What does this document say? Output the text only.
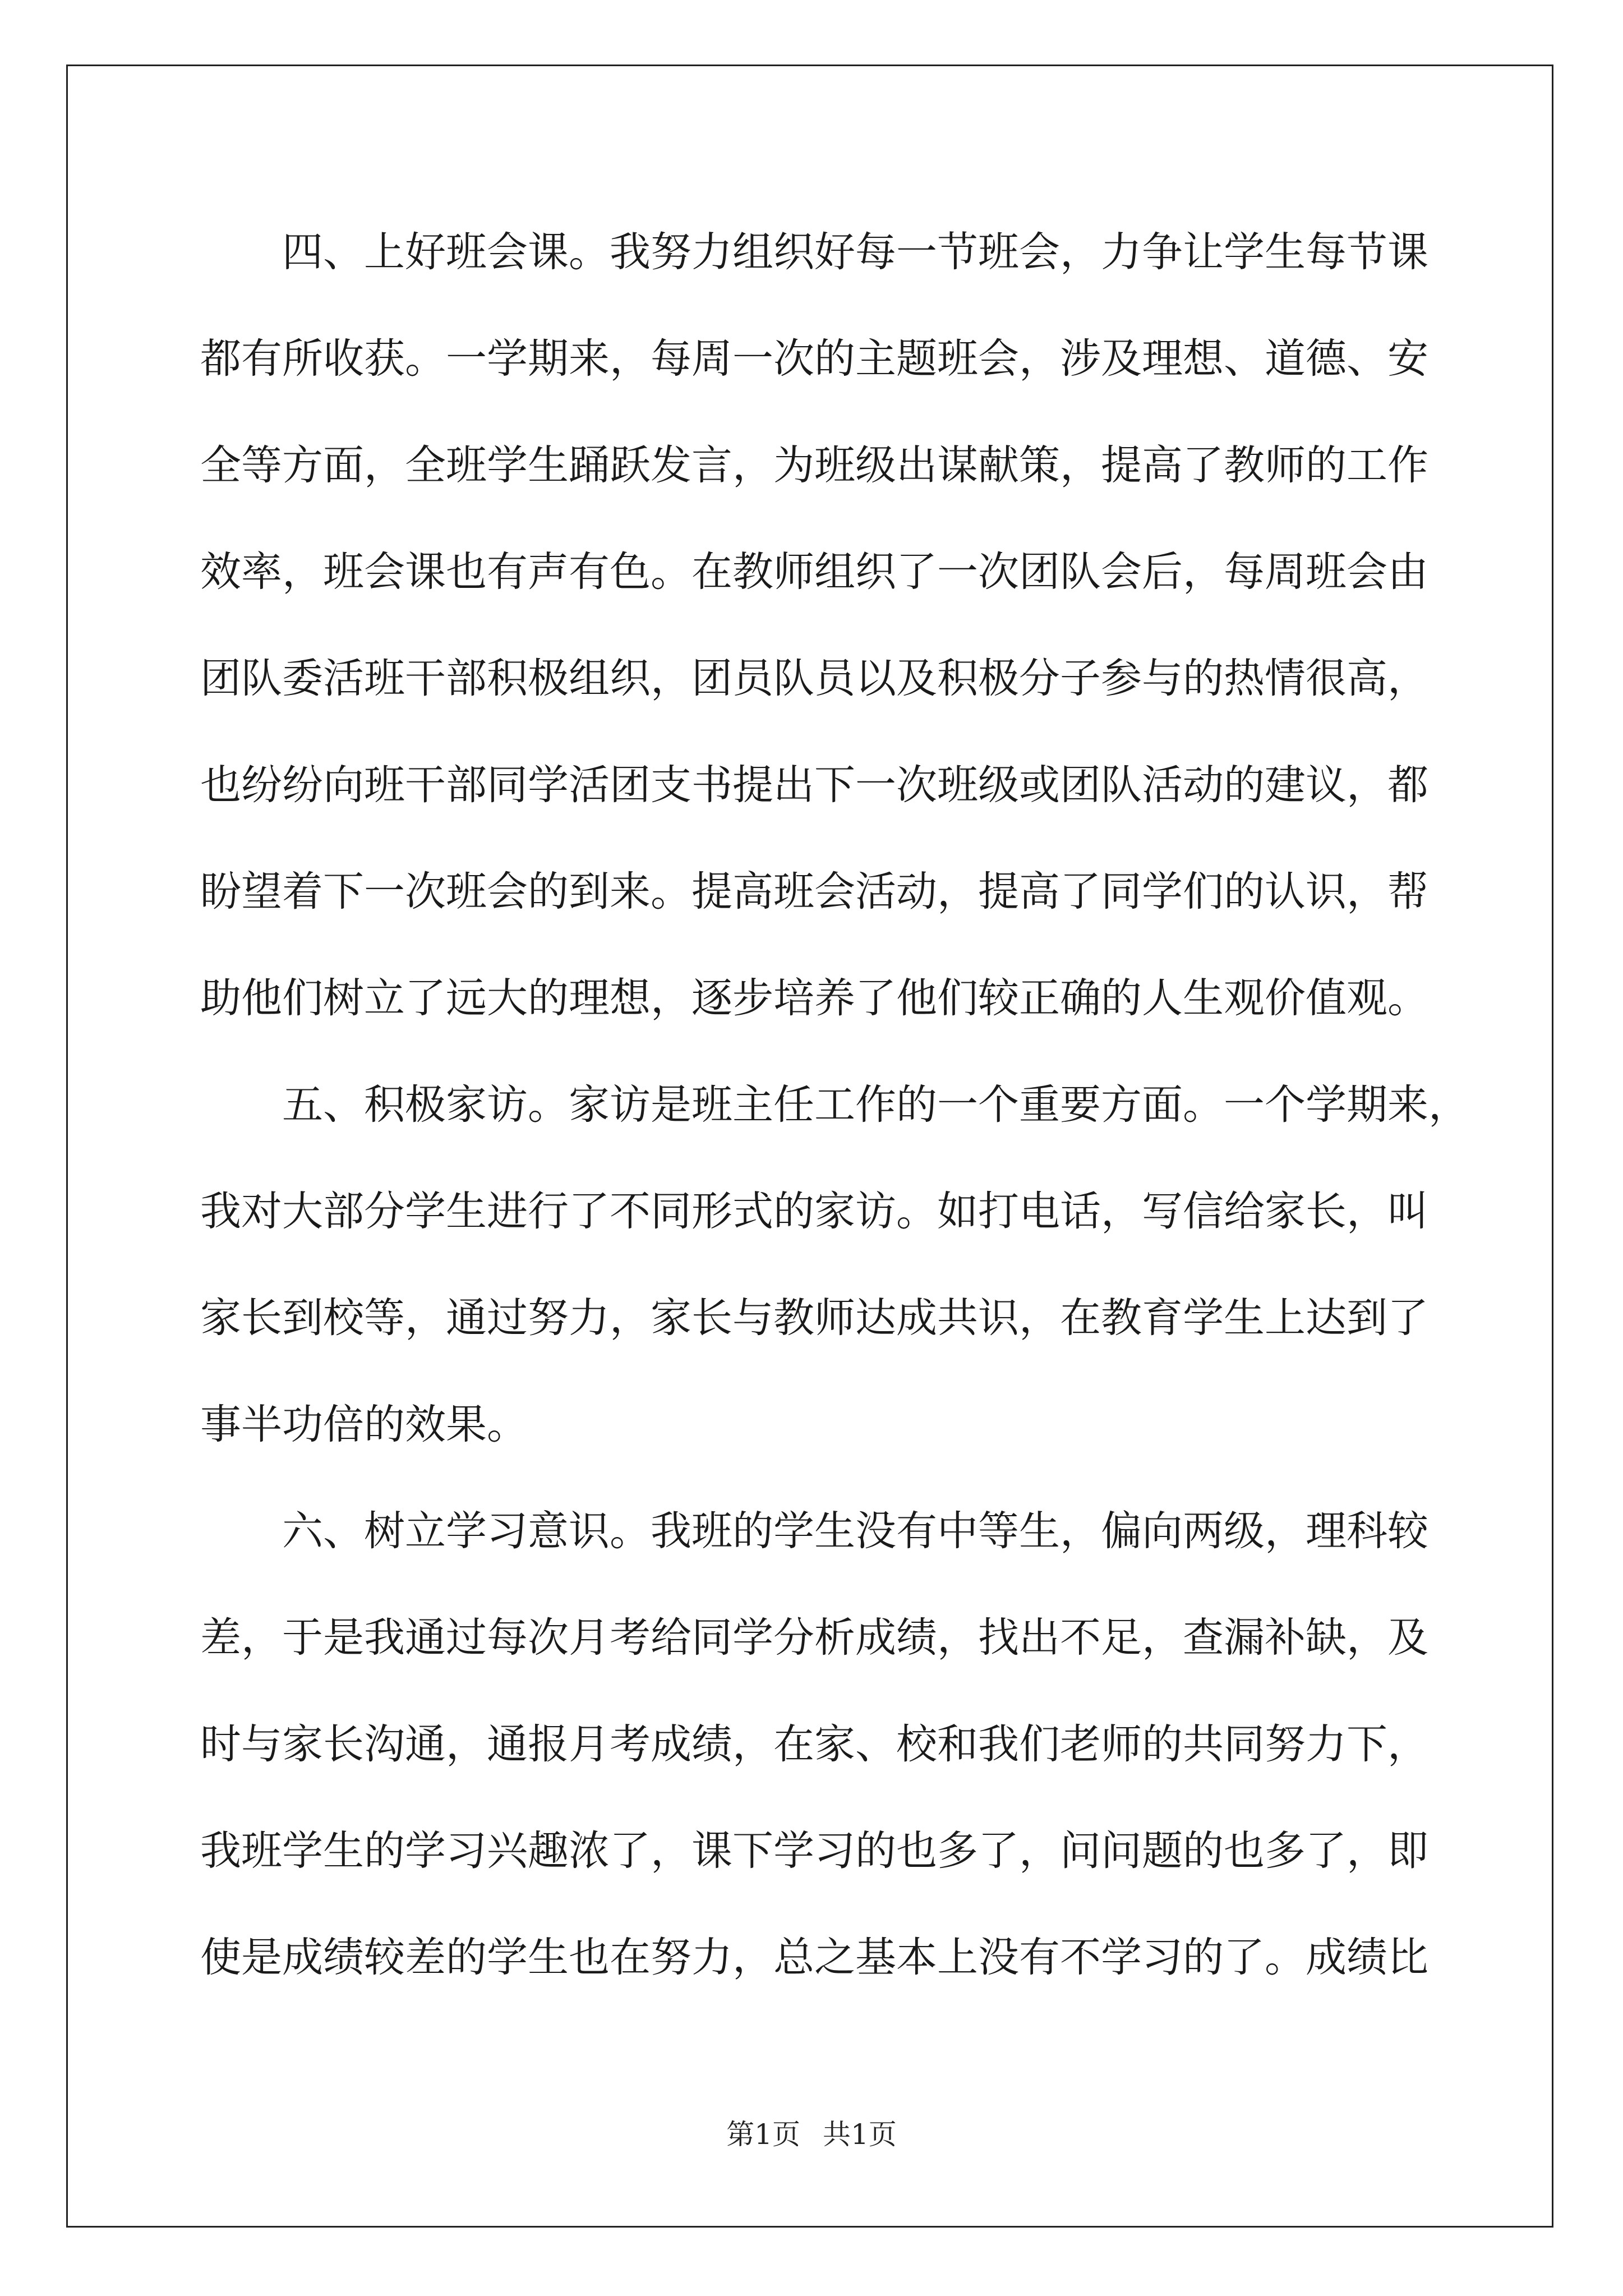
四、上好班会课。我努力组织好每一节班会，力争让学生每节课
都有所收获。一学期来，每周一次的主题班会，涉及理想、道德、安
全等方面，全班学生踊跃发言，为班级出谋献策，提高了教师的工作
效率，班会课也有声有色。在教师组织了一次团队会后，每周班会由
团队委活班干部积极组织，团员队员以及积极分子参与的热情很高，
也纷纷向班干部同学活团支书提出下一次班级或团队活动的建议，都
盼望着下一次班会的到来。提高班会活动，提高了同学们的认识，帮
助他们树立了远大的理想，逐步培养了他们较正确的人生观价值观。
五、积极家访。家访是班主任工作的一个重要方面。一个学期来，
我对大部分学生进行了不同形式的家访。如打电话，写信给家长，叫
家长到校等，通过努力，家长与教师达成共识，在教育学生上达到了
事半功倍的效果。
六、树立学习意识。我班的学生没有中等生，偏向两级，理科较
差，于是我通过每次月考给同学分析成绩，找出不足，查漏补缺，及
时与家长沟通，通报月考成绩，在家、校和我们老师的共同努力下，
我班学生的学习兴趣浓了，课下学习的也多了，问问题的也多了，即
使是成绩较差的学生也在努力，总之基本上没有不学习的了。成绩比
第1页 共1页
